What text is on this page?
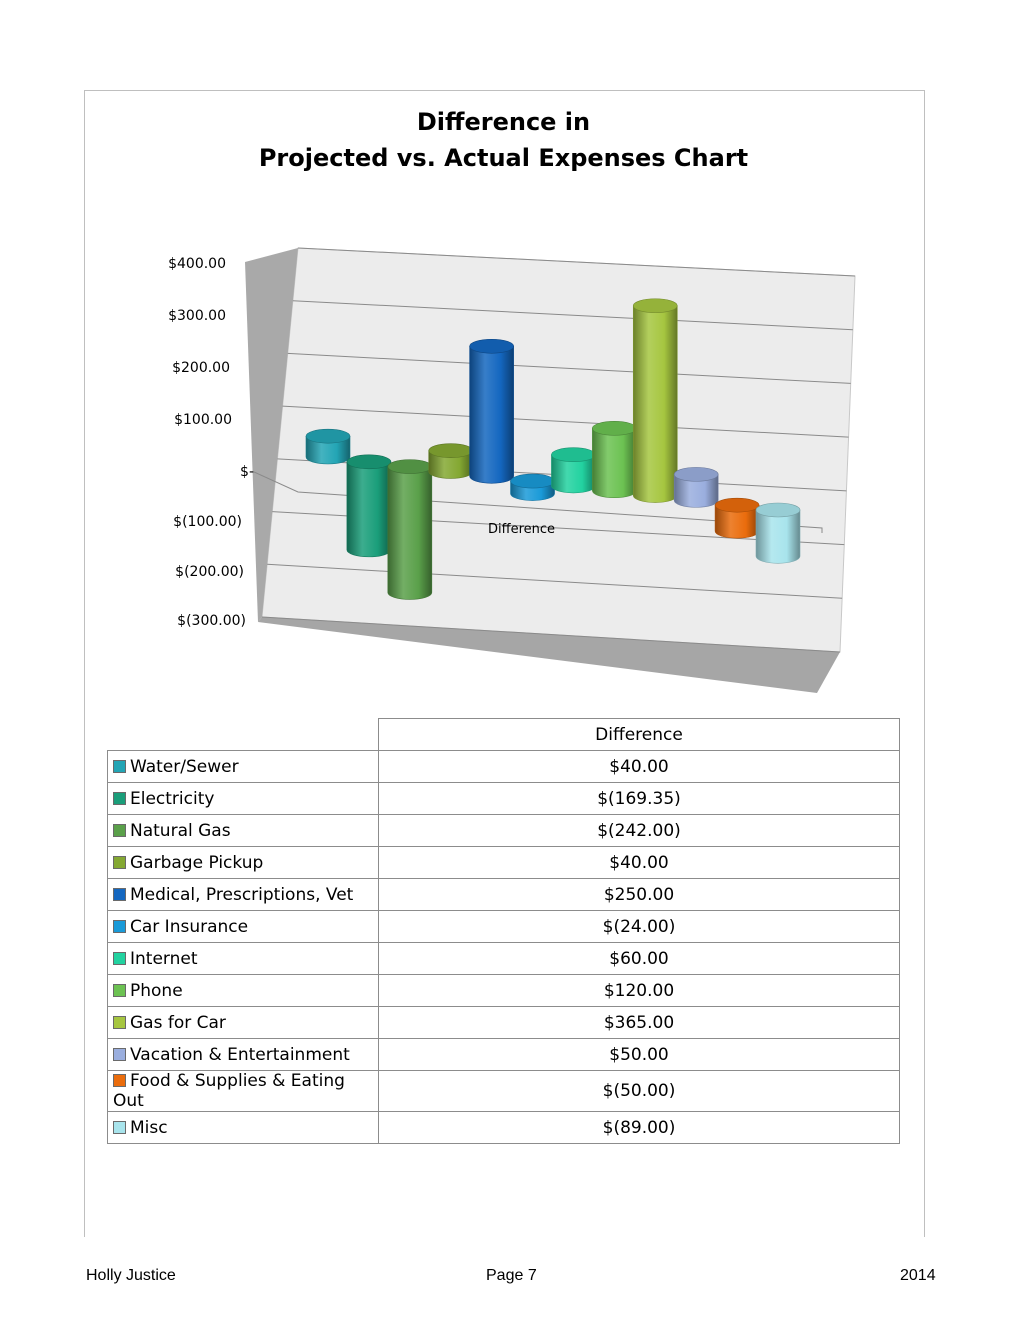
Difference in
Projected vs. Actual Expenses Chart
$400.00
$300.00
$200.00
$100.00
$-
$(100.00)
$(200.00)
$(300.00)
Difference
	Difference
Water/Sewer	$40.00
Electricity	$(169.35)
Natural Gas	$(242.00)
Garbage Pickup	$40.00
Medical, Prescriptions, Vet	$250.00
Car Insurance	$(24.00)
Internet	$60.00
Phone	$120.00
Gas for Car	$365.00
Vacation & Entertainment	$50.00
Food & Supplies & Eating Out	$(50.00)
Misc	$(89.00)
Holly Justice	Page 7	2014
